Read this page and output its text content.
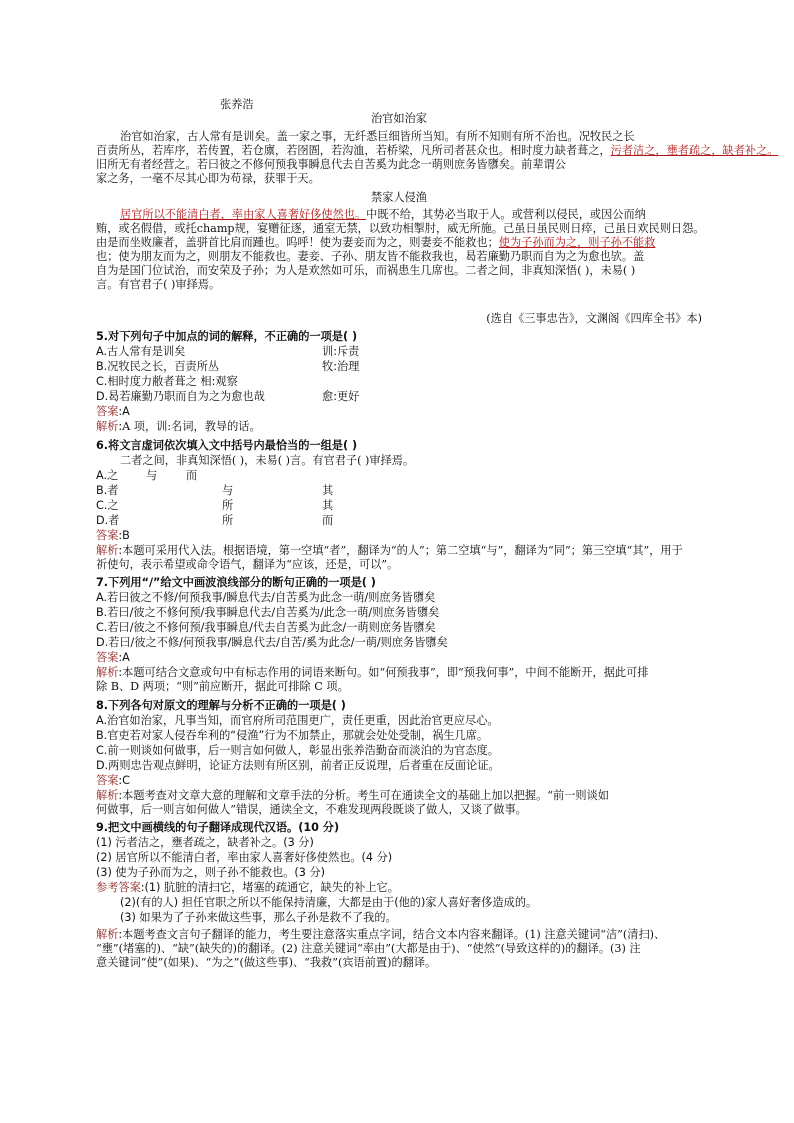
张养浩
治官如治家
治官如治家，古人常有是训矣。盖一家之事，无纤悉巨细皆所当知。有所不知则有所不治也。况牧民之长
百责所丛，若库序，若传置，若仓廪，若囹圄，若沟洫，若桥梁，凡所司者甚众也。相时度力缺者葺之，污者洁之，壅者疏之，缺者补之。
旧所无有者经营之。若曰彼之不修何预我事瞬息代去自苦奚为此念一萌则庶务皆隳矣。前辈谓公
家之务，一毫不尽其心即为苟禄，获罪于天。
禁家人侵渔
居官所以不能清白者，率由家人喜奢好侈使然也。中既不给，其势必当取于人。或营利以侵民，或因公而纳
贿，或名假借，或托champ规，宴赠征逐，通室无禁，以致功相掣肘，威无所施。己虽日虽民则日瘁，己虽日欢民则日怨。
由是而坐败廉者，盖骈首比肩而踵也。呜呼！使为妻妾而为之，则妻妾不能救也；使为子孙而为之，则子孙不能救
也；使为朋友而为之，则朋友不能救也。妻妾、子孙、朋友皆不能救我也，曷若廉勤乃职而自为之为愈也欤。盖
自为是国门位试治，而安荣及子孙；为人是欢然如可乐，而祸患生几席也。二者之间，非真知深悟( )，未易( )
言。有官君子( )审择焉。
(选自《三事忠告》，文渊阁《四库全书》本)
5.对下列句子中加点的词的解释，不正确的一项是( )
A.古人常有是训矣	训:斥责
B.况牧民之长，百责所丛	牧:治理
C.相时度力敝者葺之 相:观察
D.曷若廉勤乃职而自为之为愈也哉	愈:更好
答案:A
解析:A 项，训:名词，教导的话。
6.将文言虚词依次填入文中括号内最恰当的一组是( )
二者之间，非真知深悟( )，未易( )言。有官君子( )审择焉。
A.之 与	而
B.者	与	其
C.之	所	其
D.者	所	而
答案:B
解析:本题可采用代入法。根据语境，第一空填“者”，翻译为“的人”；第二空填“与”，翻译为“同”；第三空填“其”，用于
祈使句，表示希望或命令语气，翻译为“应该，还是，可以”。
7.下列用“/”给文中画波浪线部分的断句正确的一项是( )
A.若曰彼之不修/何预我事/瞬息代去/自苦奚为此念一萌/则庶务皆隳矣
B.若曰/彼之不修何预/我事瞬息代去/自苦奚为/此念一萌/则庶务皆隳矣
C.若曰/彼之不修何预/我事瞬息/代去自苦奚为此念/一萌则庶务皆隳矣
D.若曰/彼之不修/何预我事/瞬息代去/自苦/奚为此念/一萌/则庶务皆隳矣
答案:A
解析:本题可结合文意或句中有标志作用的词语来断句。如“何预我事”，即“预我何事”，中间不能断开，据此可排
除 B、D 两项；“则”前应断开，据此可排除 C 项。
8.下列各句对原文的理解与分析不正确的一项是( )
A.治官如治家，凡事当知，而官府所司范围更广，责任更重，因此治官更应尽心。
B.官吏若对家人侵吞牟利的“侵渔”行为不加禁止，那就会处处受制，祸生几席。
C.前一则谈如何做事，后一则言如何做人，彰显出张养浩勤奋而淡泊的为官态度。
D.两则忠告观点鲜明，论证方法则有所区别，前者正反说理，后者重在反面论证。
答案:C
解析:本题考查对文章大意的理解和文章手法的分析。考生可在通读全文的基础上加以把握。“前一则谈如
何做事，后一则言如何做人”错误，通读全文，不难发现两段既谈了做人，又谈了做事。
9.把文中画横线的句子翻译成现代汉语。(10 分)
(1) 污者洁之，壅者疏之，缺者补之。(3 分)
(2) 居官所以不能清白者，率由家人喜奢好侈使然也。(4 分)
(3) 使为子孙而为之，则子孙不能救也。(3 分)
参考答案:(1) 肮脏的清扫它，堵塞的疏通它，缺失的补上它。
(2)(有的人) 担任官职之所以不能保持清廉，大都是由于(他的)家人喜好奢侈造成的。
(3) 如果为了子孙来做这些事，那么子孙是救不了我的。
解析:本题考查文言句子翻译的能力，考生要注意落实重点字词，结合文本内容来翻译。(1) 注意关键词“洁”(清扫)、
“壅”(堵塞的)、“缺”(缺失的)的翻译。(2) 注意关键词“率由”(大都是由于)、“使然”(导致这样的)的翻译。(3) 注
意关键词“使”(如果)、“为之”(做这些事)、“我救”(宾语前置)的翻译。
